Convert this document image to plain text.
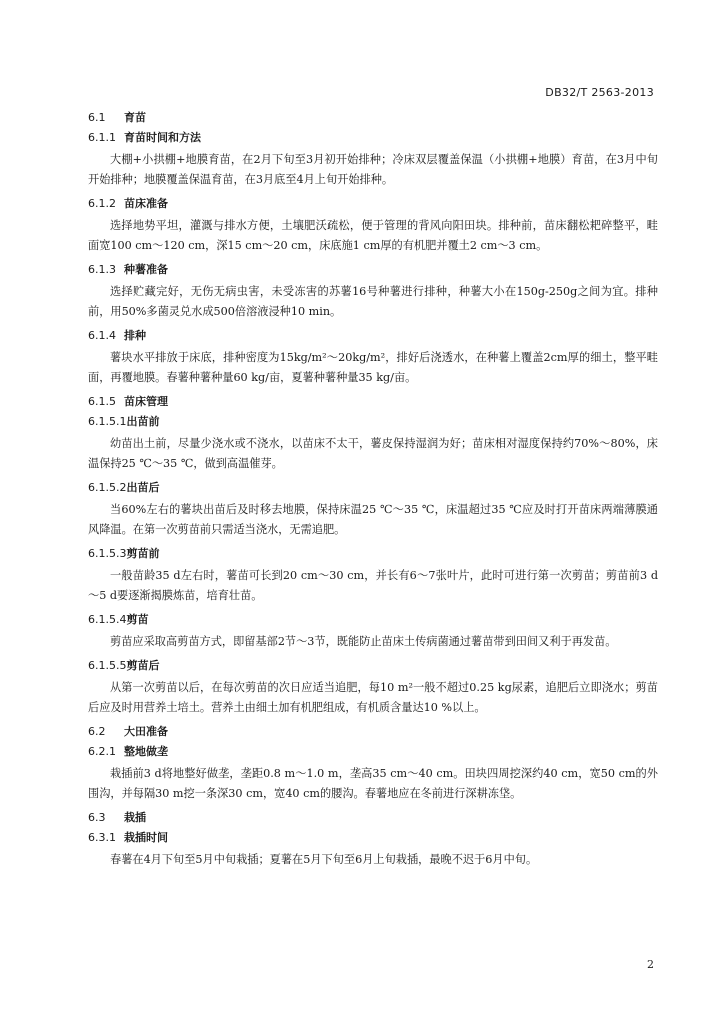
DB32/T 2563-2013
6.1 育苗
6.1.1 育苗时间和方法

大棚+小拱棚+地膜育苗，在2月下旬至3月初开始排种；冷床双层覆盖保温（小拱棚+地膜）育苗，在3月中旬开始排种；地膜覆盖保温育苗，在3月底至4月上旬开始排种。

6.1.2 苗床准备

选择地势平坦，灌溉与排水方便，土壤肥沃疏松，便于管理的背风向阳田块。排种前，苗床翻松耙碎整平，畦面宽100 cm～120 cm，深15 cm～20 cm，床底施1 cm厚的有机肥并覆土2 cm～3 cm。

6.1.3 种薯准备

选择贮藏完好，无伤无病虫害，未受冻害的苏薯16号种薯进行排种，种薯大小在150g-250g之间为宜。排种前，用50%多菌灵兑水成500倍溶液浸种10 min。

6.1.4 排种

薯块水平排放于床底，排种密度为15kg/m²～20kg/m²，排好后浇透水，在种薯上覆盖2cm厚的细土，整平畦面，再覆地膜。春薯种薯种量60 kg/亩，夏薯种薯种量35 kg/亩。

6.1.5 苗床管理
6.1.5.1出苗前

幼苗出土前，尽量少浇水或不浇水，以苗床不太干，薯皮保持湿润为好；苗床相对湿度保持约70%～80%，床温保持25 ℃～35 ℃，做到高温催芽。

6.1.5.2出苗后

当60%左右的薯块出苗后及时移去地膜，保持床温25 ℃～35 ℃，床温超过35 ℃应及时打开苗床两端薄膜通风降温。在第一次剪苗前只需适当浇水，无需追肥。

6.1.5.3剪苗前

一般苗龄35 d左右时，薯苗可长到20 cm～30 cm，并长有6～7张叶片，此时可进行第一次剪苗；剪苗前3 d～5 d要逐渐揭膜炼苗，培育壮苗。

6.1.5.4剪苗

剪苗应采取高剪苗方式，即留基部2节～3节，既能防止苗床土传病菌通过薯苗带到田间又利于再发苗。

6.1.5.5剪苗后

从第一次剪苗以后，在每次剪苗的次日应适当追肥，每10 m²一般不超过0.25 kg尿素，追肥后立即浇水；剪苗后应及时用营养土培土。营养土由细土加有机肥组成，有机质含量达10 %以上。

6.2 大田准备
6.2.1 整地做垄

栽插前3 d将地整好做垄，垄距0.8 m～1.0 m，垄高35 cm～40 cm。田块四周挖深约40 cm，宽50 cm的外围沟，并每隔30 m挖一条深30 cm，宽40 cm的腰沟。春薯地应在冬前进行深耕冻垡。

6.3 栽插
6.3.1 栽插时间

春薯在4月下旬至5月中旬栽插；夏薯在5月下旬至6月上旬栽插，最晚不迟于6月中旬。

2
